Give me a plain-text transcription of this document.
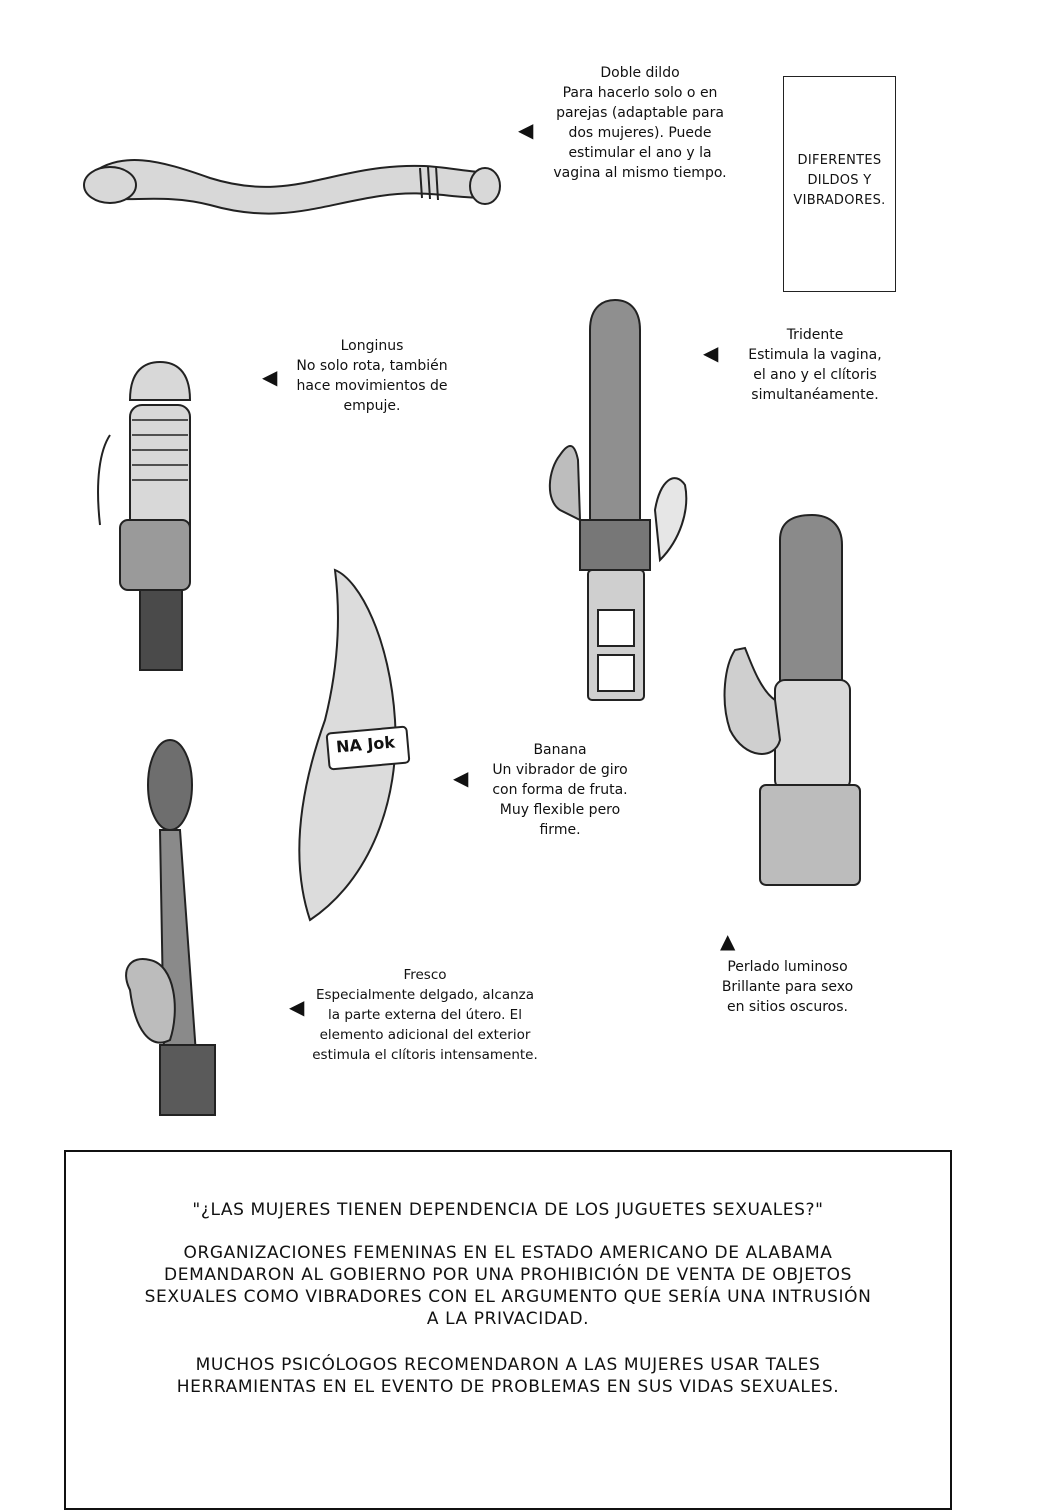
DIFERENTES
DILDOS Y
VIBRADORES.
◀
Doble dildo
Para hacerlo solo o en
parejas (adaptable para
dos mujeres). Puede
estimular el ano y la
vagina al mismo tiempo.
◀
Longinus
No solo rota, también
hace movimientos de
empuje.
◀
Tridente
Estimula la vagina,
el ano y el clítoris
simultanéamente.
NA Jok
◀
Banana
Un vibrador de giro
con forma de fruta.
Muy flexible pero
firme.
◀
Fresco
Especialmente delgado, alcanza
la parte externa del útero. El
elemento adicional del exterior
estimula el clítoris intensamente.
▲
Perlado luminoso
Brillante para sexo
en sitios oscuros.
"¿LAS MUJERES TIENEN DEPENDENCIA DE LOS JUGUETES SEXUALES?"
ORGANIZACIONES FEMENINAS EN EL ESTADO AMERICANO DE ALABAMA
DEMANDARON AL GOBIERNO POR UNA PROHIBICIÓN DE VENTA DE OBJETOS
SEXUALES COMO VIBRADORES CON EL ARGUMENTO QUE SERÍA UNA INTRUSIÓN
A LA PRIVACIDAD.
MUCHOS PSICÓLOGOS RECOMENDARON A LAS MUJERES USAR TALES
HERRAMIENTAS EN EL EVENTO DE PROBLEMAS EN SUS VIDAS SEXUALES.
